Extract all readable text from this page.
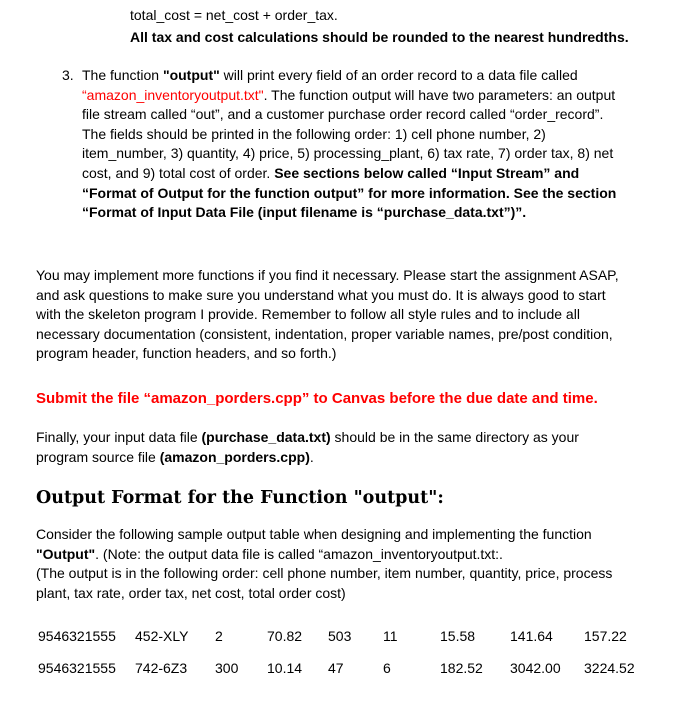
total_cost = net_cost + order_tax.
All tax and cost calculations should be rounded to the nearest hundredths.
3. The function "output" will print every field of an order record to a data file called
“amazon_inventoryoutput.txt". The function output will have two parameters: an output
file stream called “out”, and a customer purchase order record called “order_record”.
The fields should be printed in the following order: 1) cell phone number, 2)
item_number, 3) quantity, 4) price, 5) processing_plant, 6) tax rate, 7) order tax, 8) net
cost, and 9) total cost of order. See sections below called “Input Stream” and
“Format of Output for the function output” for more information. See the section
“Format of Input Data File (input filename is “purchase_data.txt”)”.
You may implement more functions if you find it necessary. Please start the assignment ASAP,
and ask questions to make sure you understand what you must do. It is always good to start
with the skeleton program I provide. Remember to follow all style rules and to include all
necessary documentation (consistent, indentation, proper variable names, pre/post condition,
program header, function headers, and so forth.)
Submit the file “amazon_porders.cpp” to Canvas before the due date and time.
Finally, your input data file (purchase_data.txt) should be in the same directory as your
program source file (amazon_porders.cpp).
Output Format for the Function "output":
Consider the following sample output table when designing and implementing the function
"Output". (Note: the output data file is called “amazon_inventoryoutput.txt:.
(The output is in the following order: cell phone number, item number, quantity, price, process
plant, tax rate, order tax, net cost, total order cost)
9546321555	452-XLY	2	70.82	503	11	15.58	141.64	157.22
9546321555	742-6Z3	300	10.14	47	6	182.52	3042.00	3224.52
